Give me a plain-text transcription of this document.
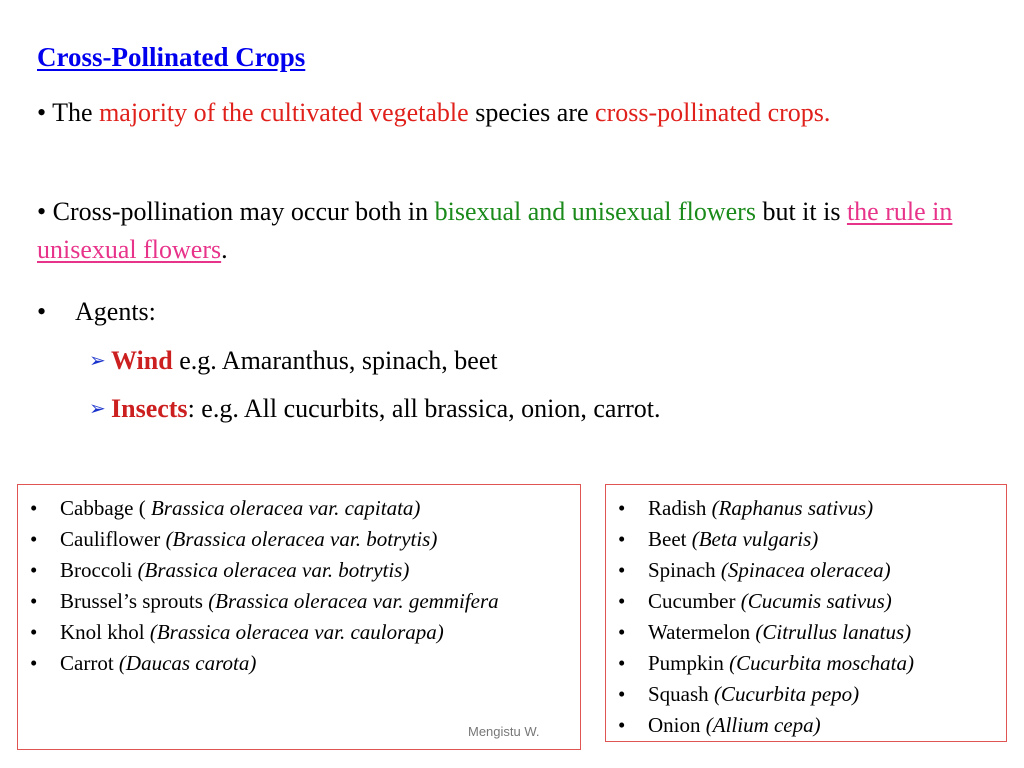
Cross-Pollinated Crops
• The majority of the cultivated vegetable species are cross-pollinated crops.
• Cross-pollination may occur both in bisexual and unisexual flowers but it is the rule in unisexual flowers.
• Agents:
➢ Wind e.g. Amaranthus, spinach, beet
➢ Insects: e.g. All cucurbits, all brassica, onion, carrot.
• Cabbage ( Brassica oleracea var. capitata)
• Cauliflower (Brassica oleracea var. botrytis)
• Broccoli (Brassica oleracea var. botrytis)
• Brussel’s sprouts (Brassica oleracea var. gemmifera
• Knol khol (Brassica oleracea var. caulorapa)
• Carrot (Daucas carota)
• Radish (Raphanus sativus)
• Beet (Beta vulgaris)
• Spinach (Spinacea oleracea)
• Cucumber (Cucumis sativus)
• Watermelon (Citrullus lanatus)
• Pumpkin (Cucurbita moschata)
• Squash (Cucurbita pepo)
• Onion (Allium cepa)
Mengistu W.
